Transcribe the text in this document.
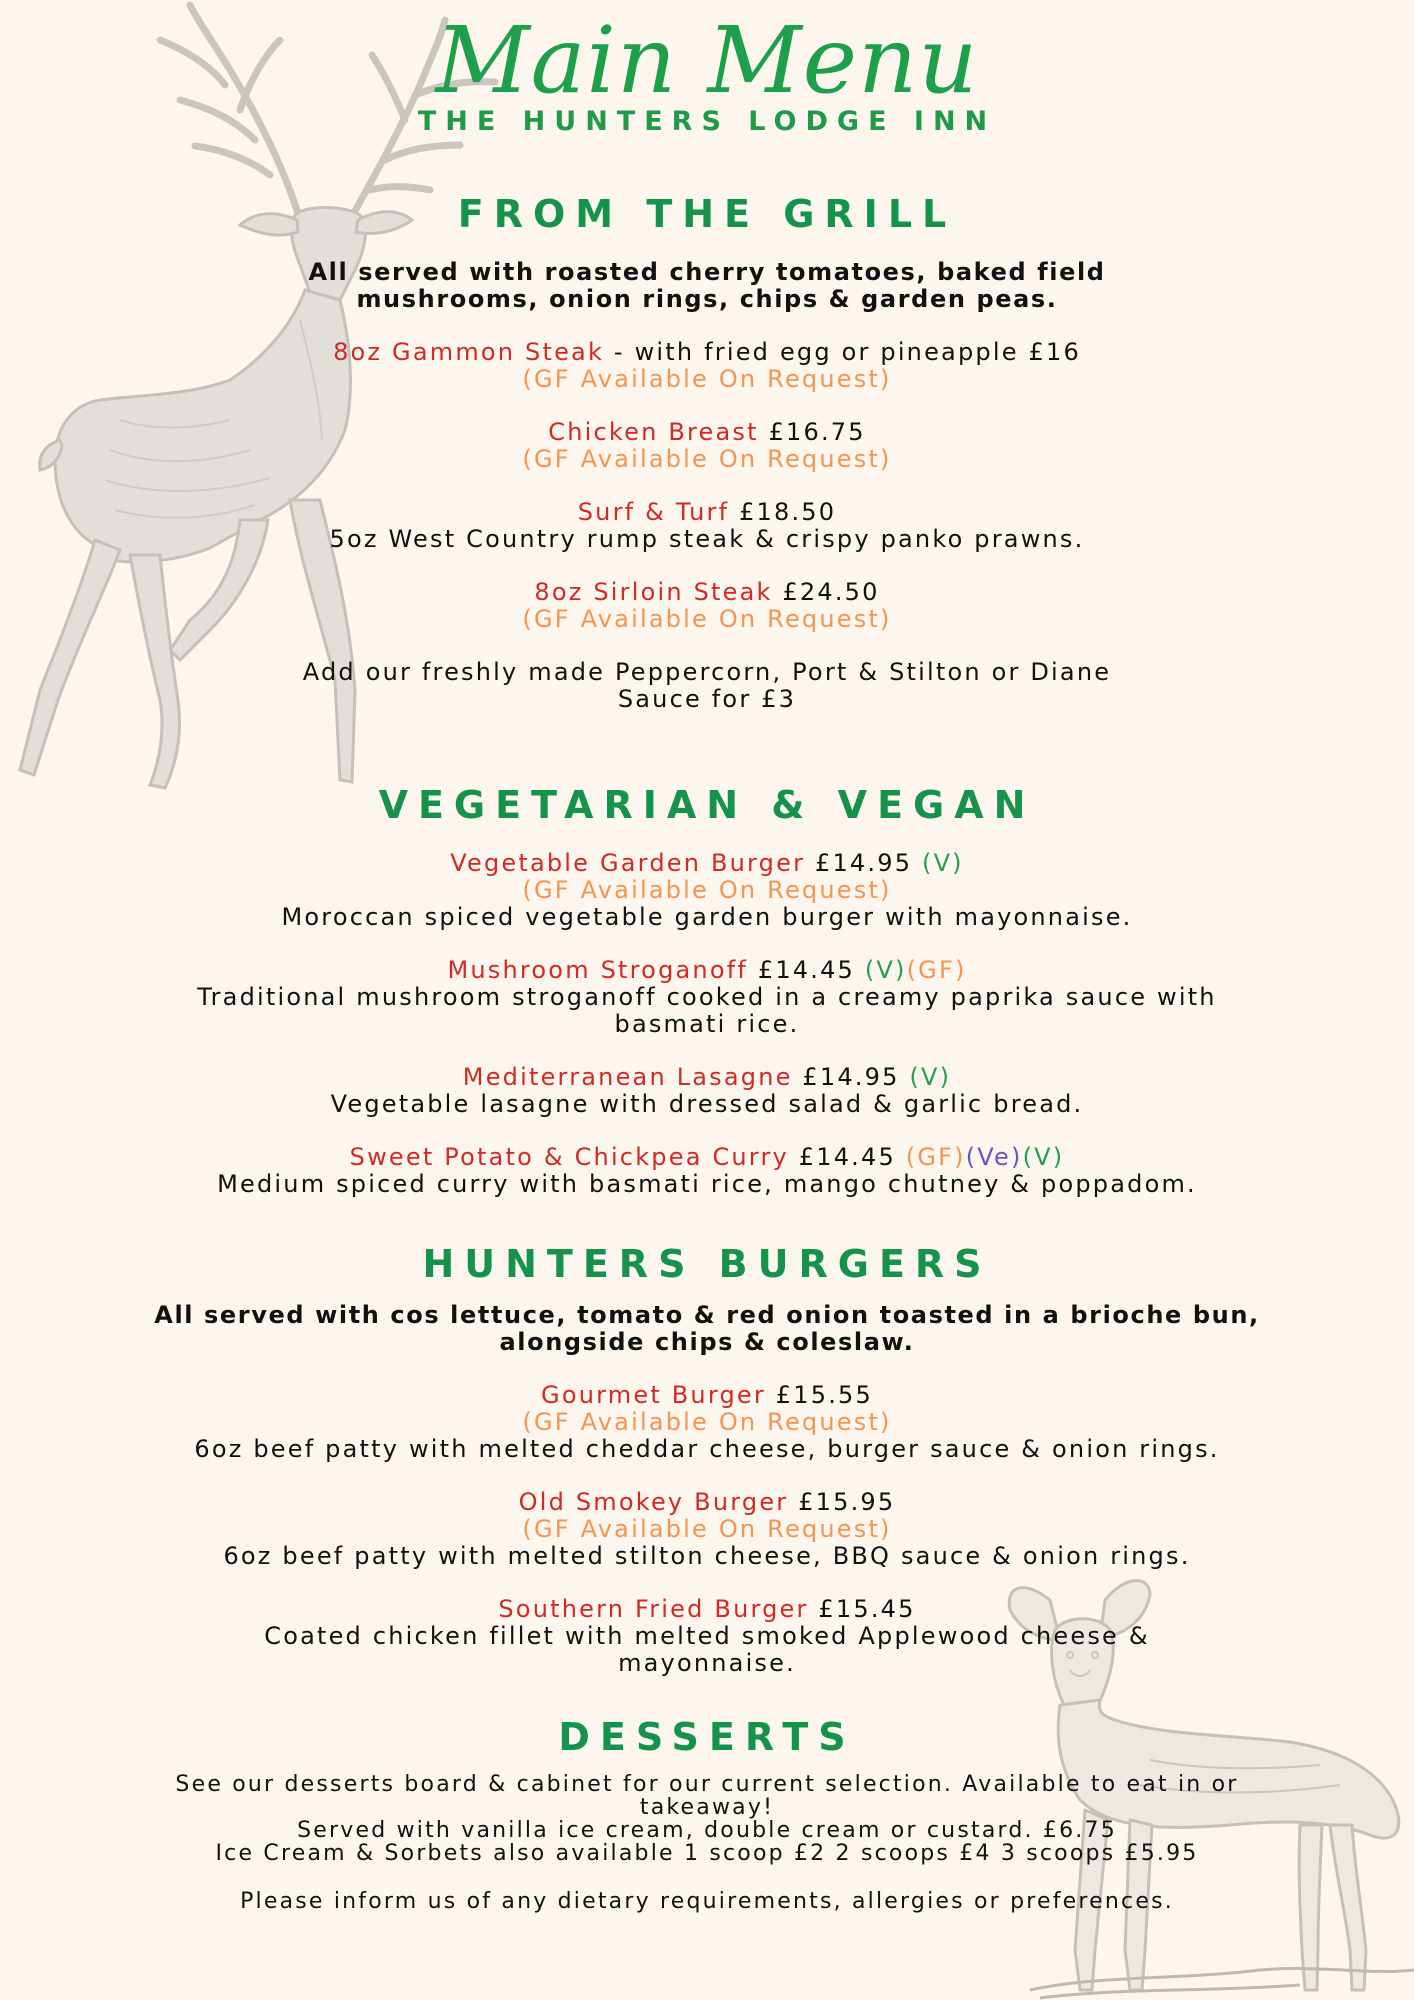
Main Menu
THE HUNTERS LODGE INN
FROM THE GRILL
All served with roasted cherry tomatoes, baked field
mushrooms, onion rings, chips & garden peas.
8oz Gammon Steak - with fried egg or pineapple £16
(GF Available On Request)
Chicken Breast £16.75
(GF Available On Request)
Surf & Turf £18.50
5oz West Country rump steak & crispy panko prawns.
8oz Sirloin Steak £24.50
(GF Available On Request)
Add our freshly made Peppercorn, Port & Stilton or Diane
Sauce for £3
VEGETARIAN & VEGAN
Vegetable Garden Burger £14.95 (V)
(GF Available On Request)
Moroccan spiced vegetable garden burger with mayonnaise.
Mushroom Stroganoff £14.45 (V)(GF)
Traditional mushroom stroganoff cooked in a creamy paprika sauce with
basmati rice.
Mediterranean Lasagne £14.95 (V)
Vegetable lasagne with dressed salad & garlic bread.
Sweet Potato & Chickpea Curry £14.45 (GF)(Ve)(V)
Medium spiced curry with basmati rice, mango chutney & poppadom.
HUNTERS BURGERS
All served with cos lettuce, tomato & red onion toasted in a brioche bun,
alongside chips & coleslaw.
Gourmet Burger £15.55
(GF Available On Request)
6oz beef patty with melted cheddar cheese, burger sauce & onion rings.
Old Smokey Burger £15.95
(GF Available On Request)
6oz beef patty with melted stilton cheese, BBQ sauce & onion rings.
Southern Fried Burger £15.45
Coated chicken fillet with melted smoked Applewood cheese &
mayonnaise.
DESSERTS
See our desserts board & cabinet for our current selection. Available to eat in or
takeaway!
Served with vanilla ice cream, double cream or custard. £6.75
Ice Cream & Sorbets also available 1 scoop £2 2 scoops £4 3 scoops £5.95
Please inform us of any dietary requirements, allergies or preferences.
